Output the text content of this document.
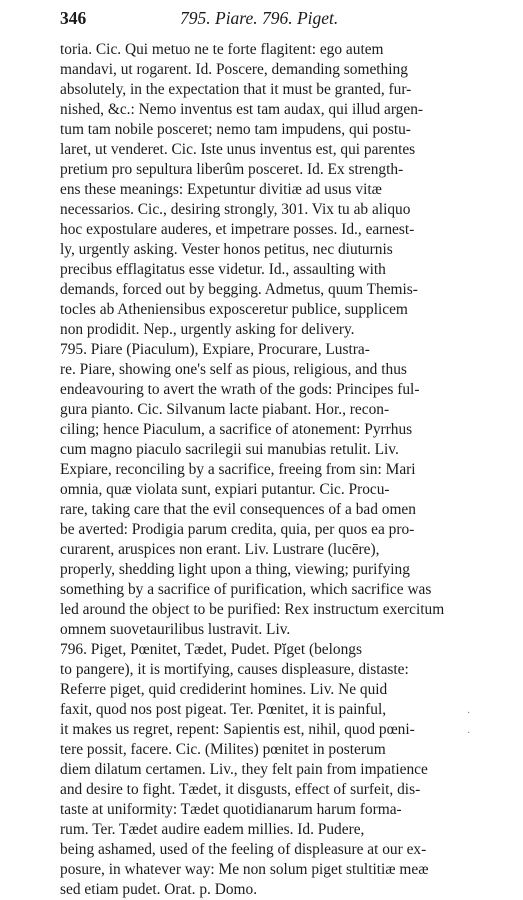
346	795. Piare. 796. Piget.
toria. Cic. Qui metuo ne te forte flagitent: ego autem
mandavi, ut rogarent. Id. Poscere, demanding something
absolutely, in the expectation that it must be granted, fur-
nished, &c.: Nemo inventus est tam audax, qui illud argen-
tum tam nobile posceret; nemo tam impudens, qui postu-
laret, ut venderet. Cic. Iste unus inventus est, qui parentes
pretium pro sepultura liberûm posceret. Id. Ex strength-
ens these meanings: Expetuntur divitiæ ad usus vitæ
necessarios. Cic., desiring strongly, 301. Vix tu ab aliquo
hoc expostulare auderes, et impetrare posses. Id., earnest-
ly, urgently asking. Vester honos petitus, nec diuturnis
precibus efflagitatus esse videtur. Id., assaulting with
demands, forced out by begging. Admetus, quum Themis-
tocles ab Atheniensibus exposceretur publice, supplicem
non prodidit. Nep., urgently asking for delivery.
795. Piare (Piaculum), Expiare, Procurare, Lustra-
re. Piare, showing one's self as pious, religious, and thus
endeavouring to avert the wrath of the gods: Principes ful-
gura pianto. Cic. Silvanum lacte piabant. Hor., recon-
ciling; hence Piaculum, a sacrifice of atonement: Pyrrhus
cum magno piaculo sacrilegii sui manubias retulit. Liv.
Expiare, reconciling by a sacrifice, freeing from sin: Mari
omnia, quæ violata sunt, expiari putantur. Cic. Procu-
rare, taking care that the evil consequences of a bad omen
be averted: Prodigia parum credita, quia, per quos ea pro-
curarent, aruspices non erant. Liv. Lustrare (lucēre),
properly, shedding light upon a thing, viewing; purifying
something by a sacrifice of purification, which sacrifice was
led around the object to be purified: Rex instructum exercitum
omnem suovetaurilibus lustravit. Liv.
796. Piget, Pœnitet, Tædet, Pudet. Pĭget (belongs
to pangere), it is mortifying, causes displeasure, distaste:
Referre piget, quid crediderint homines. Liv. Ne quid
faxit, quod nos post pigeat. Ter. Pœnitet, it is painful,
it makes us regret, repent: Sapientis est, nihil, quod pœni-
tere possit, facere. Cic. (Milites) pœnitet in posterum
diem dilatum certamen. Liv., they felt pain from impatience
and desire to fight. Tædet, it disgusts, effect of surfeit, dis-
taste at uniformity: Tædet quotidianarum harum forma-
rum. Ter. Tædet audire eadem millies. Id. Pudere,
being ashamed, used of the feeling of displeasure at our ex-
posure, in whatever way: Me non solum piget stultitiæ meæ
sed etiam pudet. Orat. p. Domo.
·
·
